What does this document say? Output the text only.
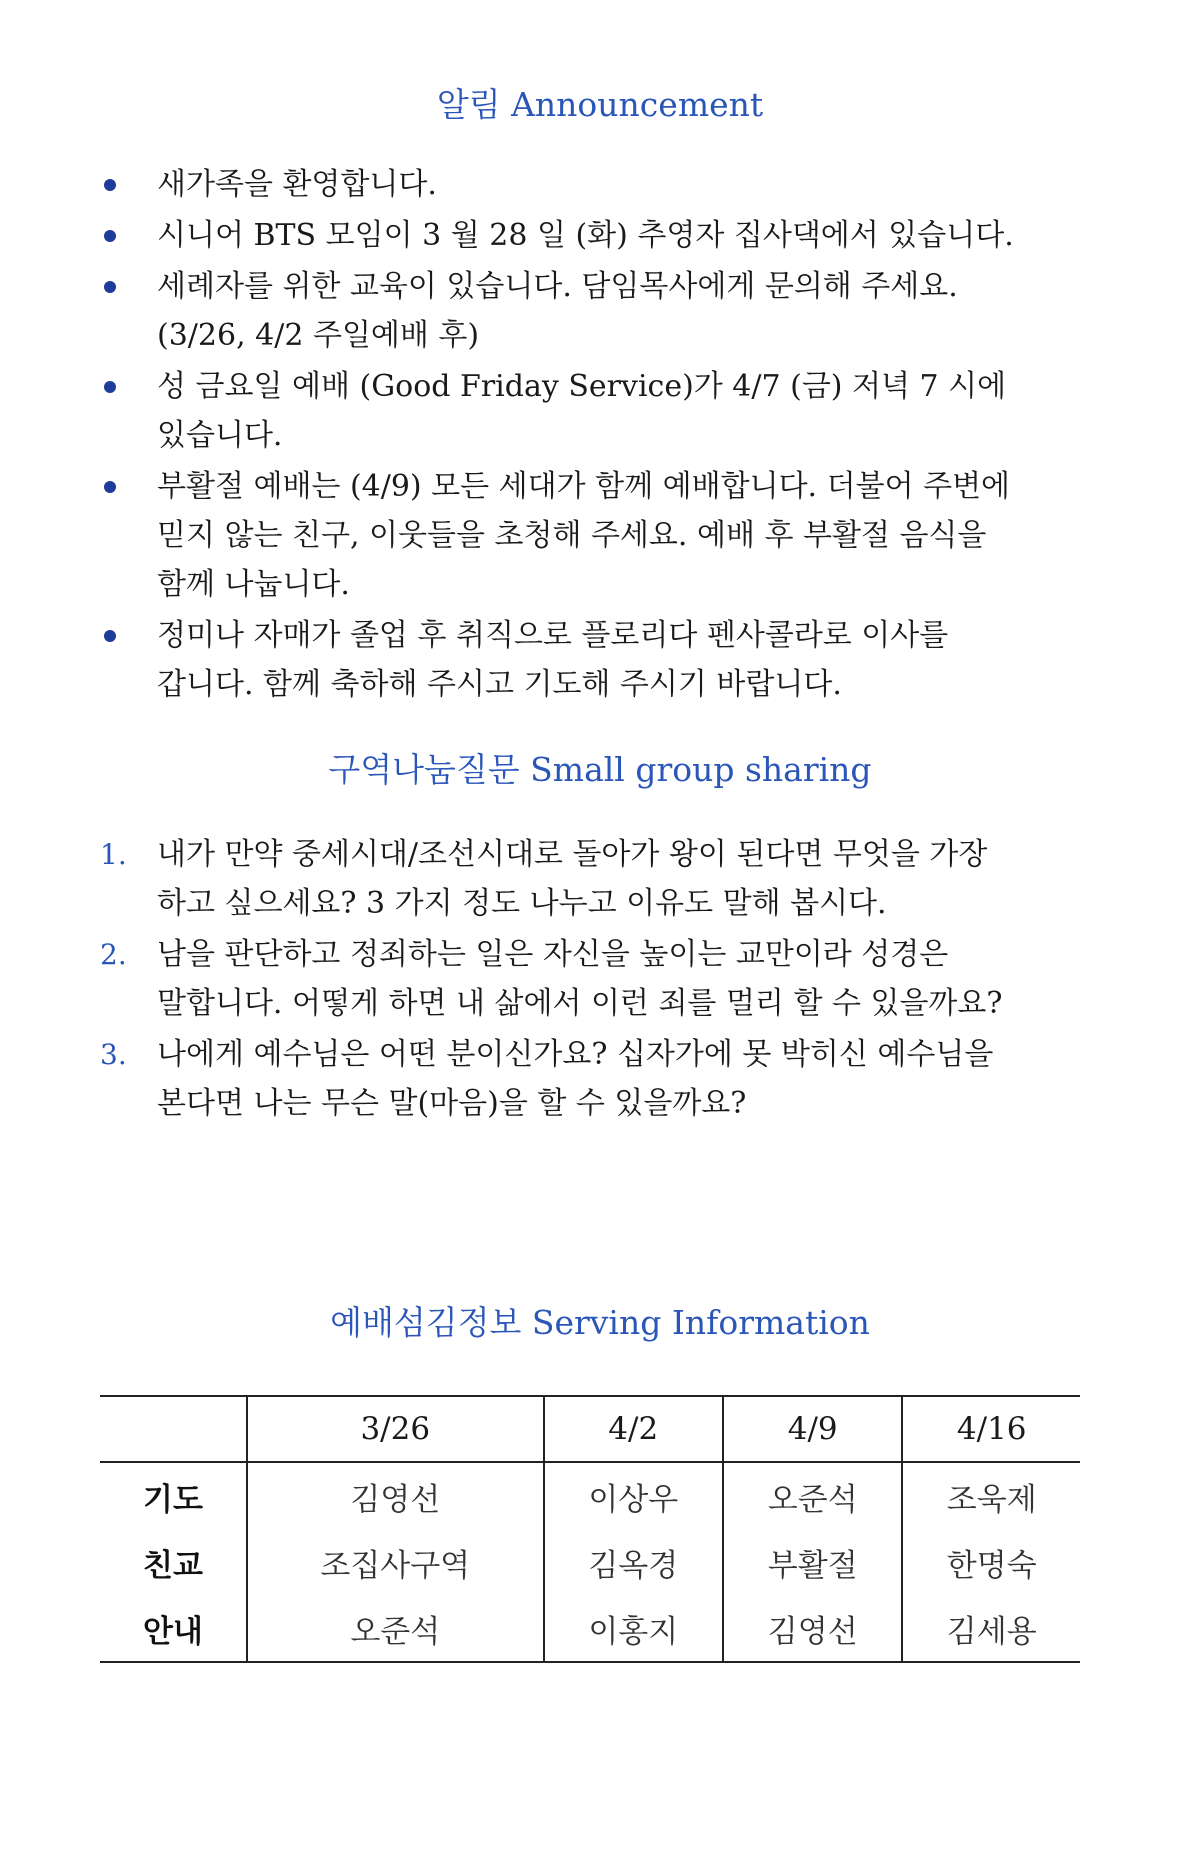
알림 Announcement
새가족을 환영합니다.
시니어 BTS 모임이 3 월 28 일 (화) 추영자 집사댁에서 있습니다.
세례자를 위한 교육이 있습니다. 담임목사에게 문의해 주세요.
(3/26, 4/2 주일예배 후)
성 금요일 예배 (Good Friday Service)가 4/7 (금) 저녁 7 시에
있습니다.
부활절 예배는 (4/9) 모든 세대가 함께 예배합니다. 더불어 주변에
믿지 않는 친구, 이웃들을 초청해 주세요. 예배 후 부활절 음식을
함께 나눕니다.
정미나 자매가 졸업 후 취직으로 플로리다 펜사콜라로 이사를
갑니다. 함께 축하해 주시고 기도해 주시기 바랍니다.
구역나눔질문 Small group sharing
1. 내가 만약 중세시대/조선시대로 돌아가 왕이 된다면 무엇을 가장
하고 싶으세요? 3 가지 정도 나누고 이유도 말해 봅시다.
2. 남을 판단하고 정죄하는 일은 자신을 높이는 교만이라 성경은
말합니다. 어떻게 하면 내 삶에서 이런 죄를 멀리 할 수 있을까요?
3. 나에게 예수님은 어떤 분이신가요? 십자가에 못 박히신 예수님을
본다면 나는 무슨 말(마음)을 할 수 있을까요?
예배섬김정보 Serving Information
	3/26	4/2	4/9	4/16
기도	김영선	이상우	오준석	조욱제
친교	조집사구역	김옥경	부활절	한명숙
안내	오준석	이홍지	김영선	김세용
